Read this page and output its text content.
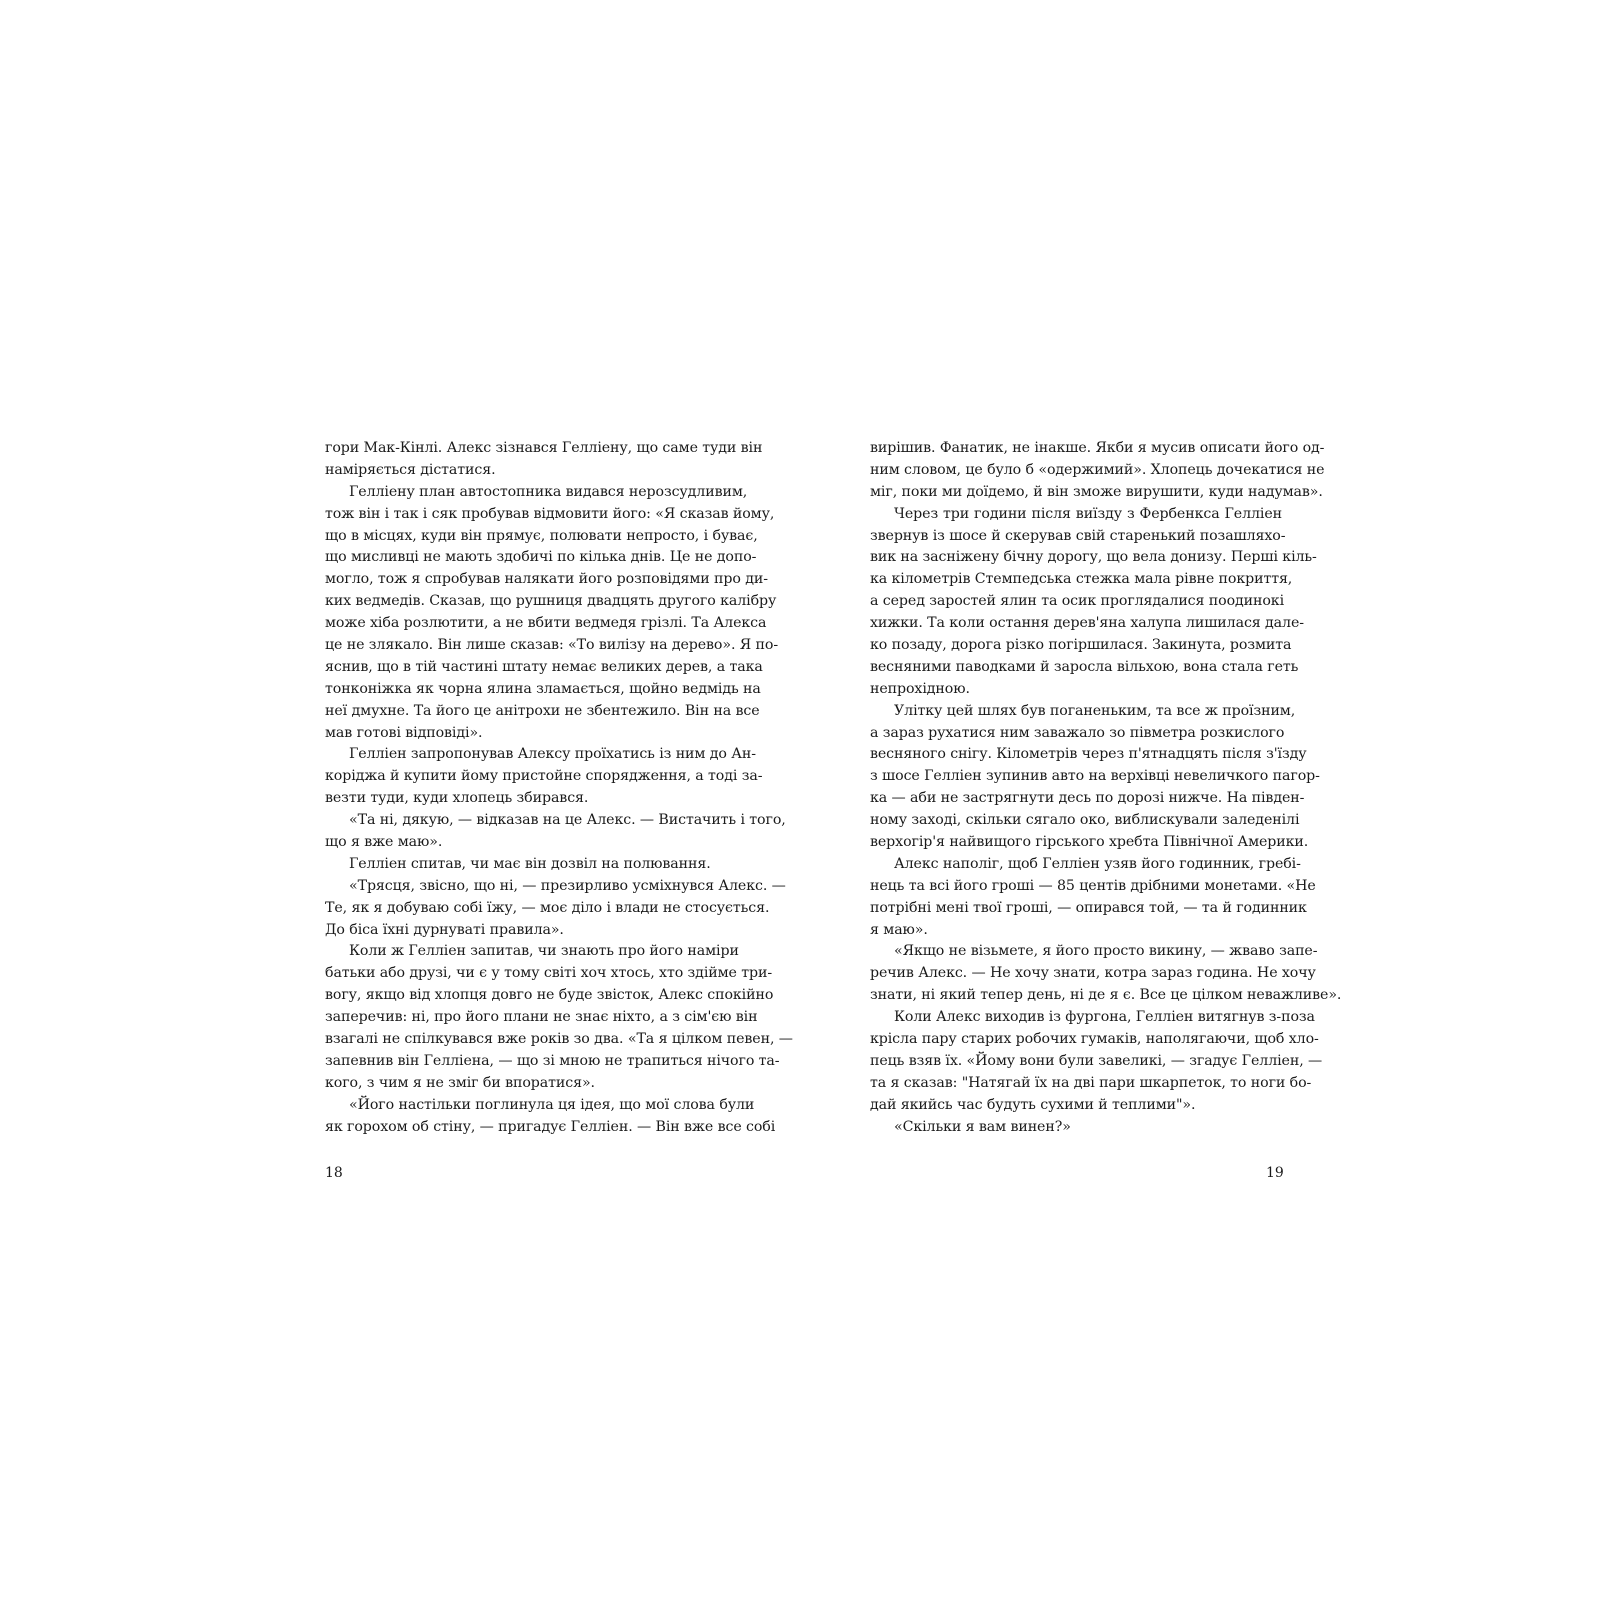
гори Мак-Кінлі. Алекс зізнався Гелліену, що саме туди він
наміряється дістатися.
Гелліену план автостопника видався нерозсудливим,
тож він і так і сяк пробував відмовити його: «Я сказав йому,
що в місцях, куди він прямує, полювати непросто, і буває,
що мисливці не мають здобичі по кілька днів. Це не допо-
могло, тож я спробував налякати його розповідями про ди-
ких ведмедів. Сказав, що рушниця двадцять другого калібру
може хіба розлютити, а не вбити ведмедя грізлі. Та Алекса
це не злякало. Він лише сказав: «То вилізу на дерево». Я по-
яснив, що в тій частині штату немає великих дерев, а така
тонконіжка як чорна ялина зламається, щойно ведмідь на
неї дмухне. Та його це анітрохи не збентежило. Він на все
мав готові відповіді».
Гелліен запропонував Алексу проїхатись із ним до Ан-
коріджа й купити йому пристойне спорядження, а тоді за-
везти туди, куди хлопець збирався.
«Та ні, дякую, — відказав на це Алекс. — Вистачить і того,
що я вже маю».
Гелліен спитав, чи має він дозвіл на полювання.
«Трясця, звісно, що ні, — презирливо усміхнувся Алекс. —
Те, як я добуваю собі їжу, — моє діло і влади не стосується.
До біса їхні дурнуваті правила».
Коли ж Гелліен запитав, чи знають про його наміри
батьки або друзі, чи є у тому світі хоч хтось, хто здійме три-
вогу, якщо від хлопця довго не буде звісток, Алекс спокійно
заперечив: ні, про його плани не знає ніхто, а з сім'єю він
взагалі не спілкувався вже років зо два. «Та я цілком певен, —
запевнив він Гелліена, — що зі мною не трапиться нічого та-
кого, з чим я не зміг би впоратися».
«Його настільки поглинула ця ідея, що мої слова були
як горохом об стіну, — пригадує Гелліен. — Він вже все собі
18
вирішив. Фанатик, не інакше. Якби я мусив описати його од-
ним словом, це було б «одержимий». Хлопець дочекатися не
міг, поки ми доїдемо, й він зможе вирушити, куди надумав».
Через три години після виїзду з Фербенкса Гелліен
звернув із шосе й скерував свій старенький позашляхо-
вик на засніжену бічну дорогу, що вела донизу. Перші кіль-
ка кілометрів Стемпедська стежка мала рівне покриття,
а серед заростей ялин та осик проглядалися поодинокі
хижки. Та коли остання дерев'яна халупа лишилася дале-
ко позаду, дорога різко погіршилася. Закинута, розмита
весняними паводками й заросла вільхою, вона стала геть
непрохідною.
Улітку цей шлях був поганеньким, та все ж проїзним,
а зараз рухатися ним заважало зо півметра розкислого
весняного снігу. Кілометрів через п'ятнадцять після з'їзду
з шосе Гелліен зупинив авто на верхівці невеличкого пагор-
ка — аби не застрягнути десь по дорозі нижче. На півден-
ному заході, скільки сягало око, виблискували заледенілі
верхогір'я найвищого гірського хребта Північної Америки.
Алекс наполіг, щоб Гелліен узяв його годинник, гребі-
нець та всі його гроші — 85 центів дрібними монетами. «Не
потрібні мені твої гроші, — опирався той, — та й годинник
я маю».
«Якщо не візьмете, я його просто викину, — жваво запе-
речив Алекс. — Не хочу знати, котра зараз година. Не хочу
знати, ні який тепер день, ні де я є. Все це цілком неважливе».
Коли Алекс виходив із фургона, Гелліен витягнув з-поза
крісла пару старих робочих гумаків, наполягаючи, щоб хло-
пець взяв їх. «Йому вони були завеликі, — згадує Гелліен, —
та я сказав: "Натягай їх на дві пари шкарпеток, то ноги бо-
дай якийсь час будуть сухими й теплими"».
«Скільки я вам винен?»
19
